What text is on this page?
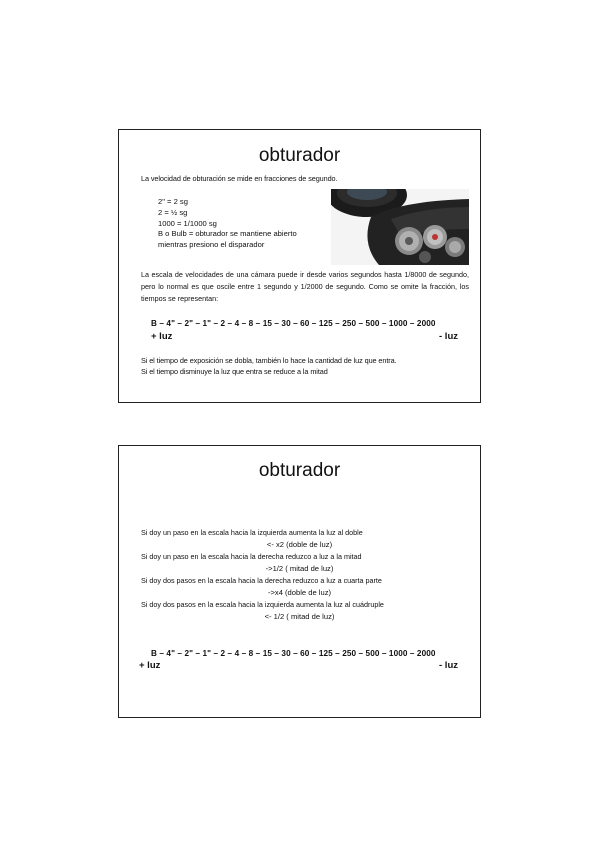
obturador
La velocidad de obturación se mide en fracciones de segundo.
2" = 2 sg
2 = ½ sg
1000 = 1/1000 sg
B o Bulb = obturador se mantiene abierto
mientras presiono el disparador
La escala de velocidades de una cámara puede ir desde varios segundos hasta 1/8000 de segundo, pero lo normal es que oscile entre 1 segundo y 1/2000 de segundo. Como se omite la fracción, los tiempos se representan:
B – 4" – 2" – 1" – 2 – 4 – 8 – 15 – 30 – 60 – 125 – 250 – 500 – 1000 – 2000
+ luz	- luz
Si el tiempo de exposición se dobla, también lo hace la cantidad de luz que entra.
Si el tiempo disminuye la luz que entra se reduce a la mitad
obturador
Si doy un paso en la escala hacia la izquierda aumenta la luz al doble
<- x2 (doble de luz)
Si doy un paso en la escala hacia la derecha reduzco a luz a la mitad
->1/2 ( mitad de luz)
Si doy dos pasos en la escala hacia la derecha reduzco a luz a cuarta parte
->x4 (doble de luz)
Si doy dos pasos en la escala hacia la izquierda aumenta la luz al cuádruple
<- 1/2 ( mitad de luz)
B – 4" – 2" – 1" – 2 – 4 – 8 – 15 – 30 – 60 – 125 – 250 – 500 – 1000 – 2000
+ luz	- luz
